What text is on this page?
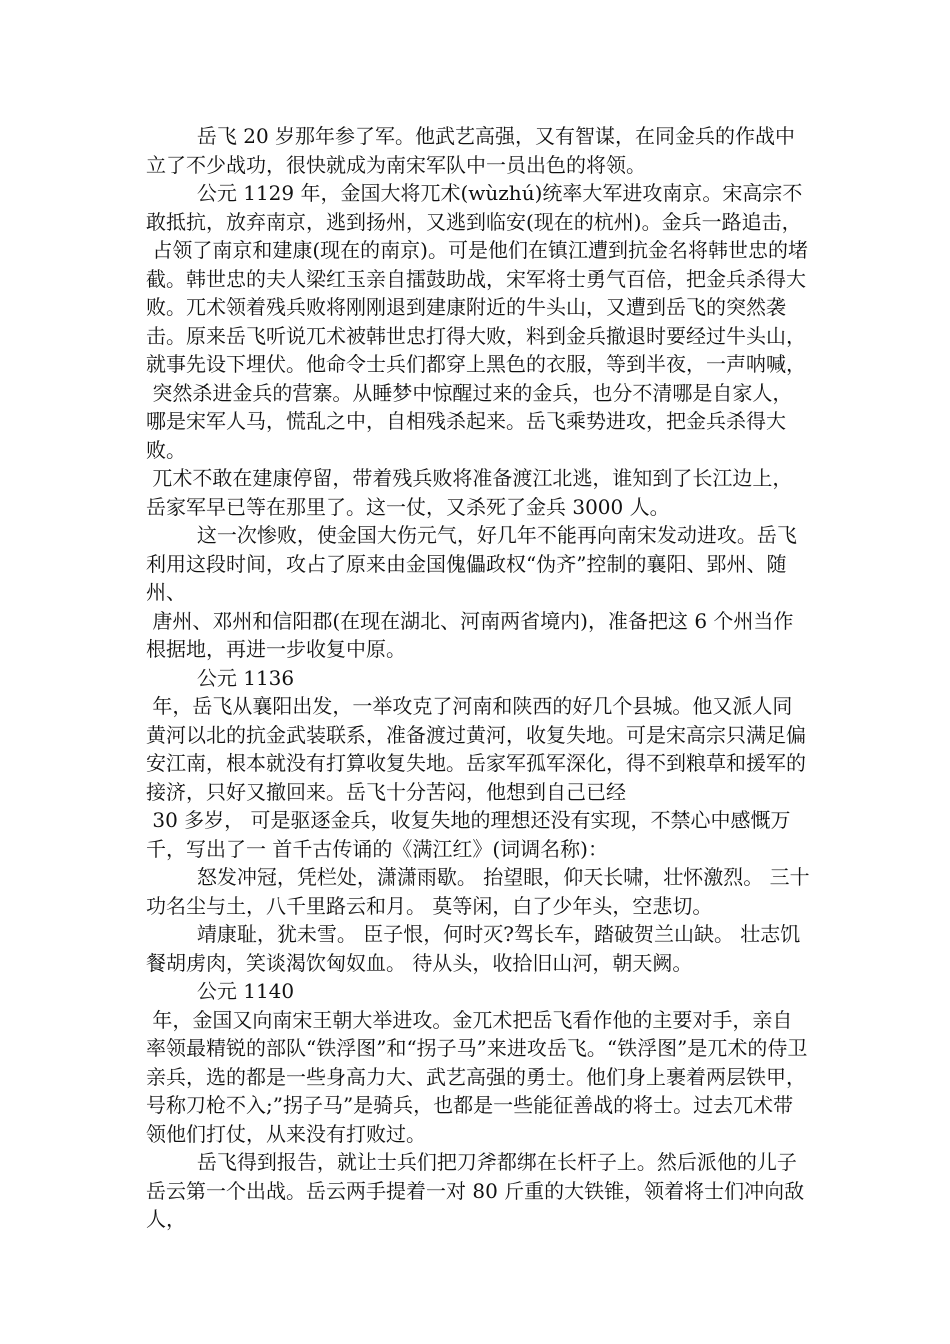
岳飞 20 岁那年参了军。他武艺高强，又有智谋，在同金兵的作战中立了不少战功，很快就成为南宋军队中一员出色的将领。

公元 1129 年，金国大将兀术(wùzhú)统率大军进攻南京。宋高宗不敢抵抗，放弃南京，逃到扬州，又逃到临安(现在的杭州)。金兵一路追击，

占领了南京和建康(现在的南京)。可是他们在镇江遭到抗金名将韩世忠的堵截。韩世忠的夫人梁红玉亲自擂鼓助战，宋军将士勇气百倍，把金兵杀得大败。兀术领着残兵败将刚刚退到建康附近的牛头山，又遭到岳飞的突然袭击。原来岳飞听说兀术被韩世忠打得大败，料到金兵撤退时要经过牛头山，就事先设下埋伏。他命令士兵们都穿上黑色的衣服，等到半夜，一声呐喊，

突然杀进金兵的营寨。从睡梦中惊醒过来的金兵，也分不清哪是自家人，哪是宋军人马，慌乱之中，自相残杀起来。岳飞乘势进攻，把金兵杀得大败。

兀术不敢在建康停留，带着残兵败将准备渡江北逃，谁知到了长江边上，岳家军早已等在那里了。这一仗，又杀死了金兵 3000 人。

这一次惨败，使金国大伤元气，好几年不能再向南宋发动进攻。岳飞利用这段时间，攻占了原来由金国傀儡政权“伪齐”控制的襄阳、郢州、随州、

唐州、邓州和信阳郡(在现在湖北、河南两省境内)，准备把这 6 个州当作 根据地，再进一步收复中原。

公元 1136

年，岳飞从襄阳出发，一举攻克了河南和陕西的好几个县城。他又派人同黄河以北的抗金武装联系，准备渡过黄河，收复失地。可是宋高宗只满足偏安江南，根本就没有打算收复失地。岳家军孤军深化，得不到粮草和援军的接济，只好又撤回来。岳飞十分苦闷，他想到自己已经

30 多岁， 可是驱逐金兵，收复失地的理想还没有实现，不禁心中感慨万千，写出了一 首千古传诵的《满江红》(词调名称)：

怒发冲冠，凭栏处，潇潇雨歇。 抬望眼，仰天长啸，壮怀激烈。 三十功名尘与土，八千里路云和月。 莫等闲，白了少年头，空悲切。

靖康耻，犹未雪。 臣子恨，何时灭?驾长车，踏破贺兰山缺。 壮志饥餐胡虏肉，笑谈渴饮匈奴血。 待从头，收拾旧山河，朝天阙。

公元 1140

年，金国又向南宋王朝大举进攻。金兀术把岳飞看作他的主要对手，亲自率领最精锐的部队“铁浮图”和“拐子马”来进攻岳飞。“铁浮图”是兀术的侍卫亲兵，选的都是一些身高力大、武艺高强的勇士。他们身上裹着两层铁甲，号称刀枪不入;”拐子马”是骑兵，也都是一些能征善战的将士。过去兀术带领他们打仗，从来没有打败过。

岳飞得到报告，就让士兵们把刀斧都绑在长杆子上。然后派他的儿子岳云第一个出战。岳云两手提着一对 80 斤重的大铁锥，领着将士们冲向敌人，
